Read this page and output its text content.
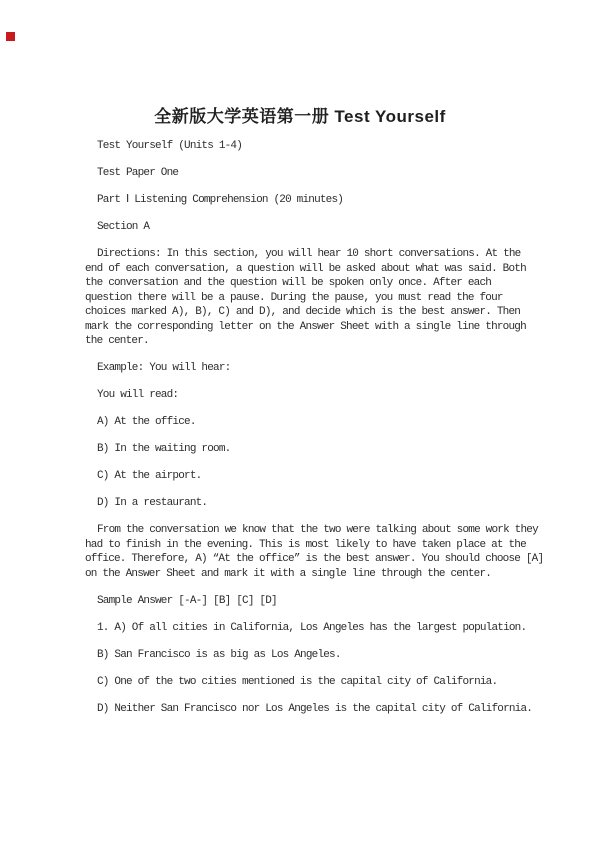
全新版大学英语第一册 Test Yourself
Test Yourself (Units 1-4)
Test Paper One
Part Ⅰ Listening Comprehension (20 minutes)
Section A
Directions: In this section, you will hear 10 short conversations. At the
end of each conversation, a question will be asked about what was said. Both
the conversation and the question will be spoken only once. After each
question there will be a pause. During the pause, you must read the four
choices marked A), B), C) and D), and decide which is the best answer. Then
mark the corresponding letter on the Answer Sheet with a single line through
the center.
Example: You will hear:
You will read:
A) At the office.
B) In the waiting room.
C) At the airport.
D) In a restaurant.
From the conversation we know that the two were talking about some work they
had to finish in the evening. This is most likely to have taken place at the
office. Therefore, A) “At the office” is the best answer. You should choose [A]
on the Answer Sheet and mark it with a single line through the center.
Sample Answer [-A-] [B] [C] [D]
1. A) Of all cities in California, Los Angeles has the largest population.
B) San Francisco is as big as Los Angeles.
C) One of the two cities mentioned is the capital city of California.
D) Neither San Francisco nor Los Angeles is the capital city of California.
